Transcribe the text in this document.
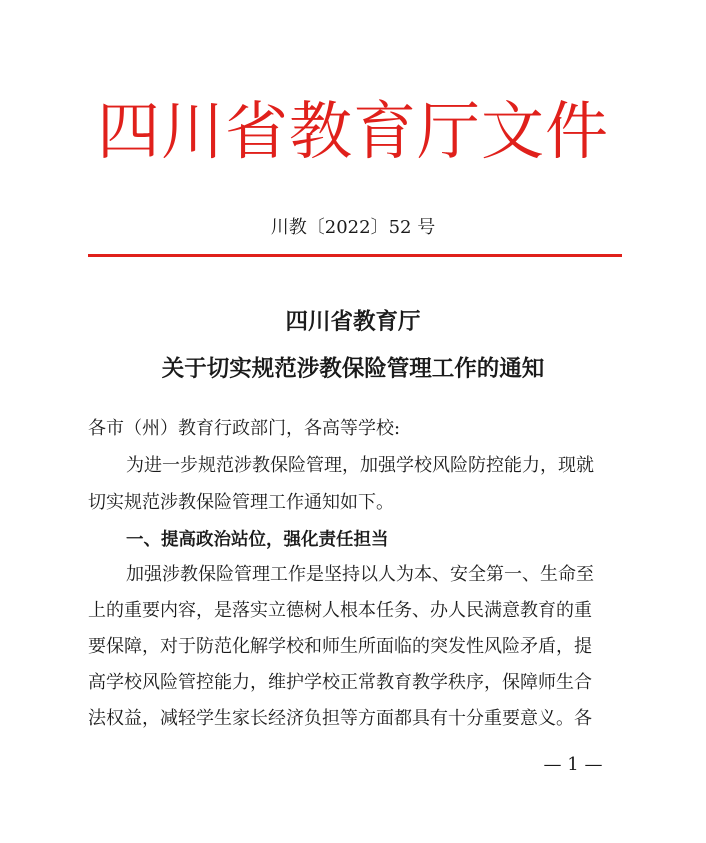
四川省教育厅文件
川教〔2022〕52 号
四川省教育厅
关于切实规范涉教保险管理工作的通知
各市（州）教育行政部门，各高等学校:
为进一步规范涉教保险管理，加强学校风险防控能力，现就
切实规范涉教保险管理工作通知如下。
一、提高政治站位，强化责任担当
加强涉教保险管理工作是坚持以人为本、安全第一、生命至
上的重要内容，是落实立德树人根本任务、办人民满意教育的重
要保障，对于防范化解学校和师生所面临的突发性风险矛盾，提
高学校风险管控能力，维护学校正常教育教学秩序，保障师生合
法权益，减轻学生家长经济负担等方面都具有十分重要意义。各
— 1 —
